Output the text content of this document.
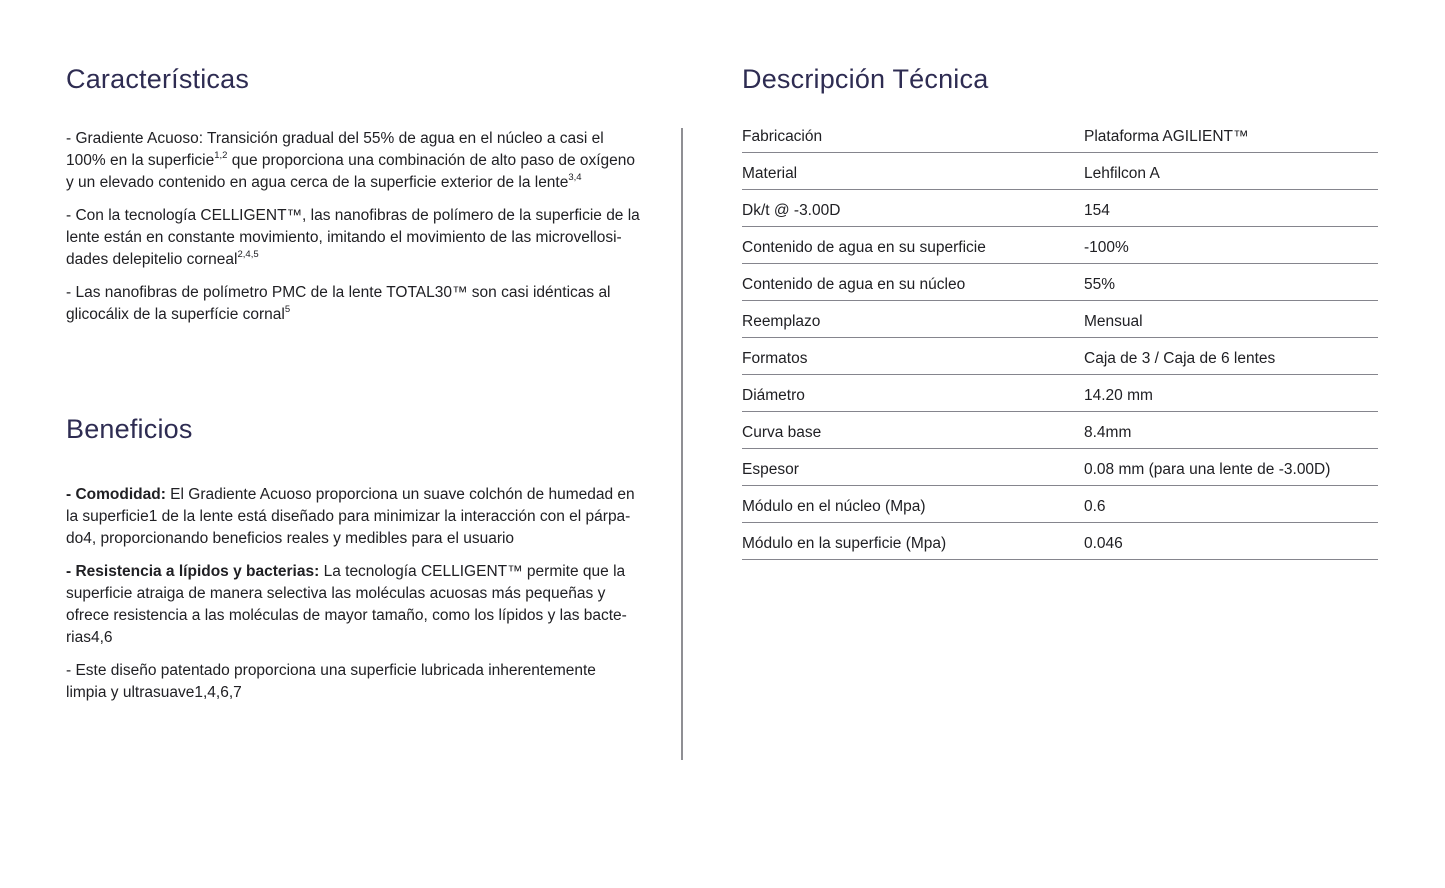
Características
- Gradiente Acuoso: Transición gradual del 55% de agua en el núcleo a casi el
100% en la superficie$^{1,2}$ que proporciona una combinación de alto paso de oxígeno
y un elevado contenido en agua cerca de la superficie exterior de la lente$^{3,4}$
- Con la tecnología CELLIGENT™, las nanofibras de polímero de la superficie de la
lente están en constante movimiento, imitando el movimiento de las microvellosi-
dades delepitelio corneal$^{2,4,5}$
- Las nanofibras de polímetro PMC de la lente TOTAL30™ son casi idénticas al
glicocálix de la superfície cornal$^5$
Beneficios
- Comodidad: El Gradiente Acuoso proporciona un suave colchón de humedad en
la superficie1 de la lente está diseñado para minimizar la interacción con el párpa-
do4, proporcionando beneficios reales y medibles para el usuario
- Resistencia a lípidos y bacterias: La tecnología CELLIGENT™ permite que la
superficie atraiga de manera selectiva las moléculas acuosas más pequeñas y
ofrece resistencia a las moléculas de mayor tamaño, como los lípidos y las bacte-
rias4,6
- Este diseño patentado proporciona una superficie lubricada inherentemente
limpia y ultrasuave1,4,6,7
Descripción Técnica
Fabricación	Plataforma AGILIENT™
Material	Lehfilcon A
Dk/t @ -3.00D	154
Contenido de agua en su superficie	-100%
Contenido de agua en su núcleo	55%
Reemplazo	Mensual
Formatos	Caja de 3 / Caja de 6 lentes
Diámetro	14.20 mm
Curva base	8.4mm
Espesor	0.08 mm (para una lente de -3.00D)
Módulo en el núcleo (Mpa)	0.6
Módulo en la superficie (Mpa)	0.046
